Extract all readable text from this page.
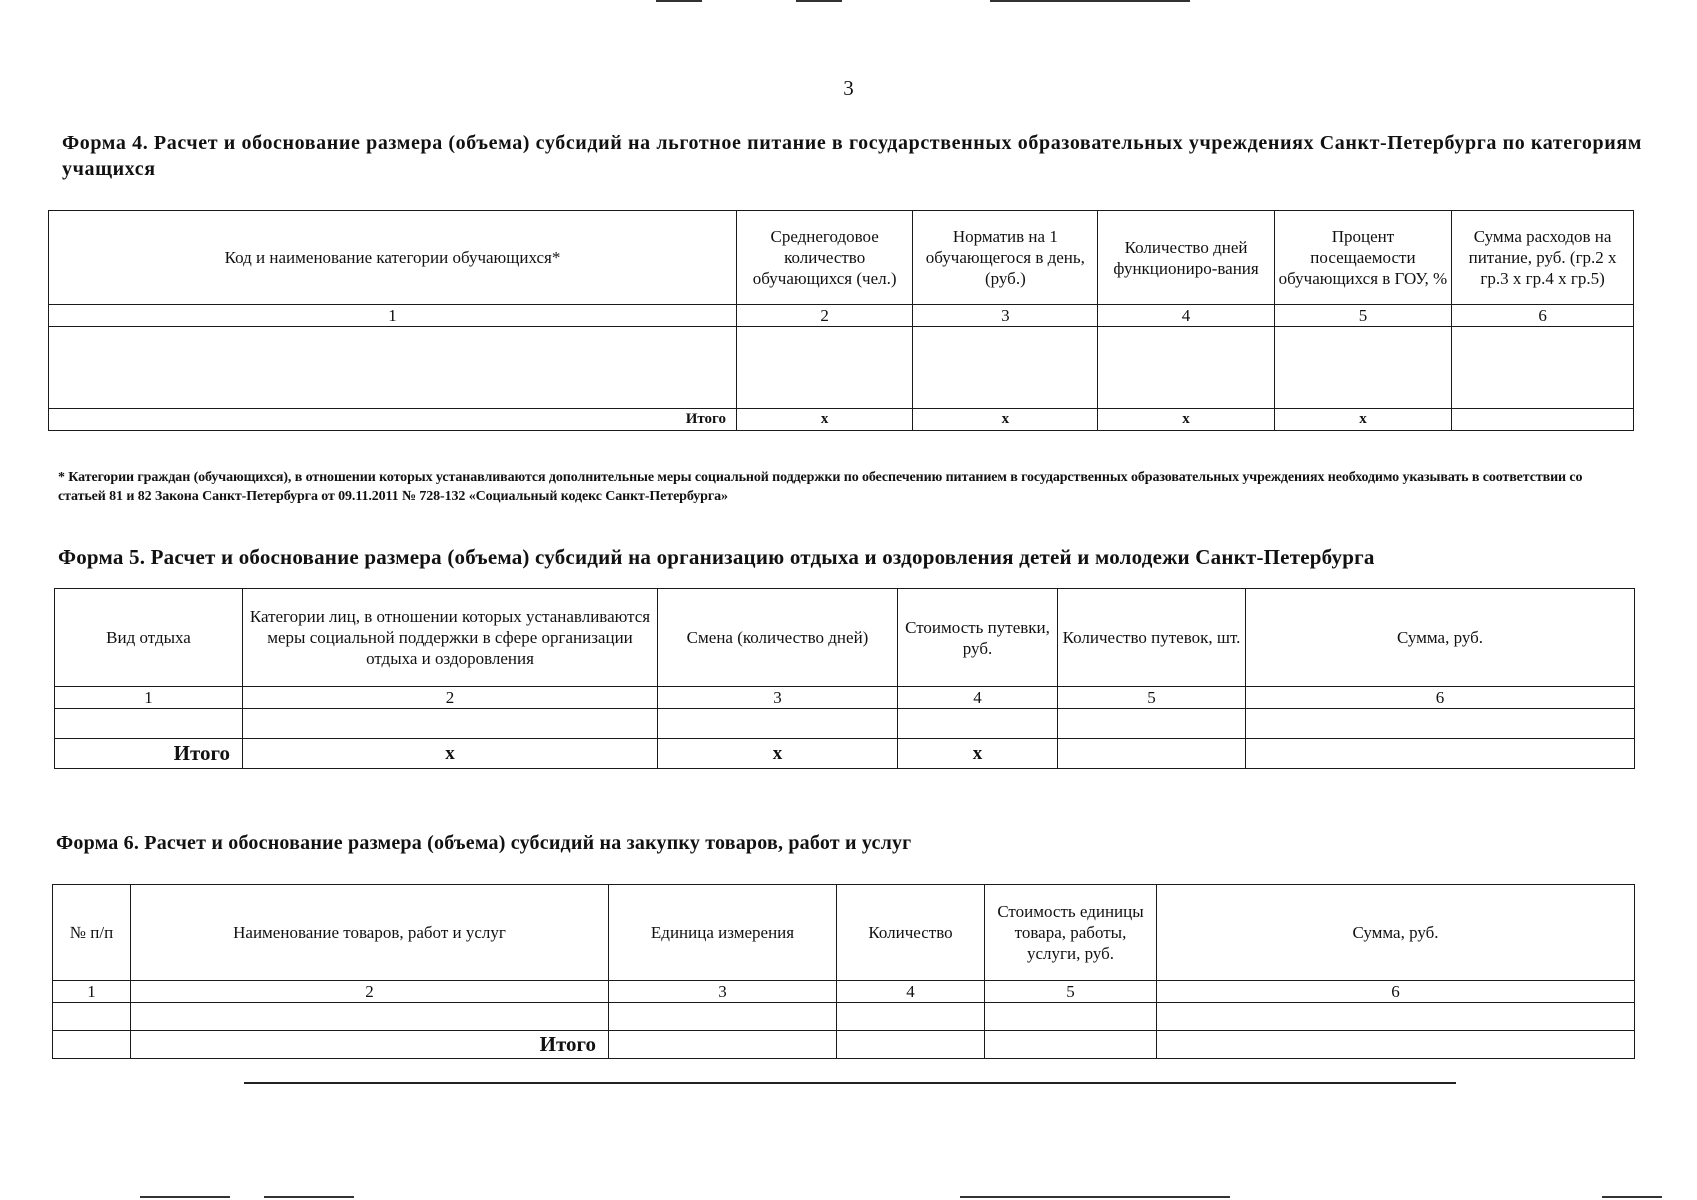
3
Форма 4. Расчет и обоснование размера (объема) субсидий на льготное питание в государственных образовательных учреждениях Санкт-Петербурга по категориям учащихся
Код и наименование категории обучающихся*	Среднегодовое количество обучающихся (чел.)	Норматив на 1 обучающегося в день, (руб.)	Количество дней функциониро-вания	Процент посещаемости обучающихся в ГОУ, %	Сумма расходов на питание, руб. (гр.2 х гр.3 х гр.4 х гр.5)
1	2	3	4	5	6

Итого	x	x	x	x	
* Категории граждан (обучающихся), в отношении которых устанавливаются дополнительные меры социальной поддержки по обеспечению питанием в государственных образовательных учреждениях необходимо указывать в соответствии со статьей 81 и 82 Закона Санкт-Петербурга от 09.11.2011 № 728-132 «Социальный кодекс Санкт-Петербурга»
Форма 5. Расчет и обоснование размера (объема) субсидий на организацию отдыха и оздоровления детей и молодежи Санкт-Петербурга
Вид отдыха	Категории лиц, в отношении которых устанавливаются меры социальной поддержки в сфере организации отдыха и оздоровления	Смена (количество дней)	Стоимость путевки, руб.	Количество путевок, шт.	Сумма, руб.
1	2	3	4	5	6

Итого	x	x	x		
Форма 6. Расчет и обоснование размера (объема) субсидий на закупку товаров, работ и услуг
№ п/п	Наименование товаров, работ и услуг	Единица измерения	Количество	Стоимость единицы товара, работы, услуги, руб.	Сумма, руб.
1	2	3	4	5	6

	Итого				
